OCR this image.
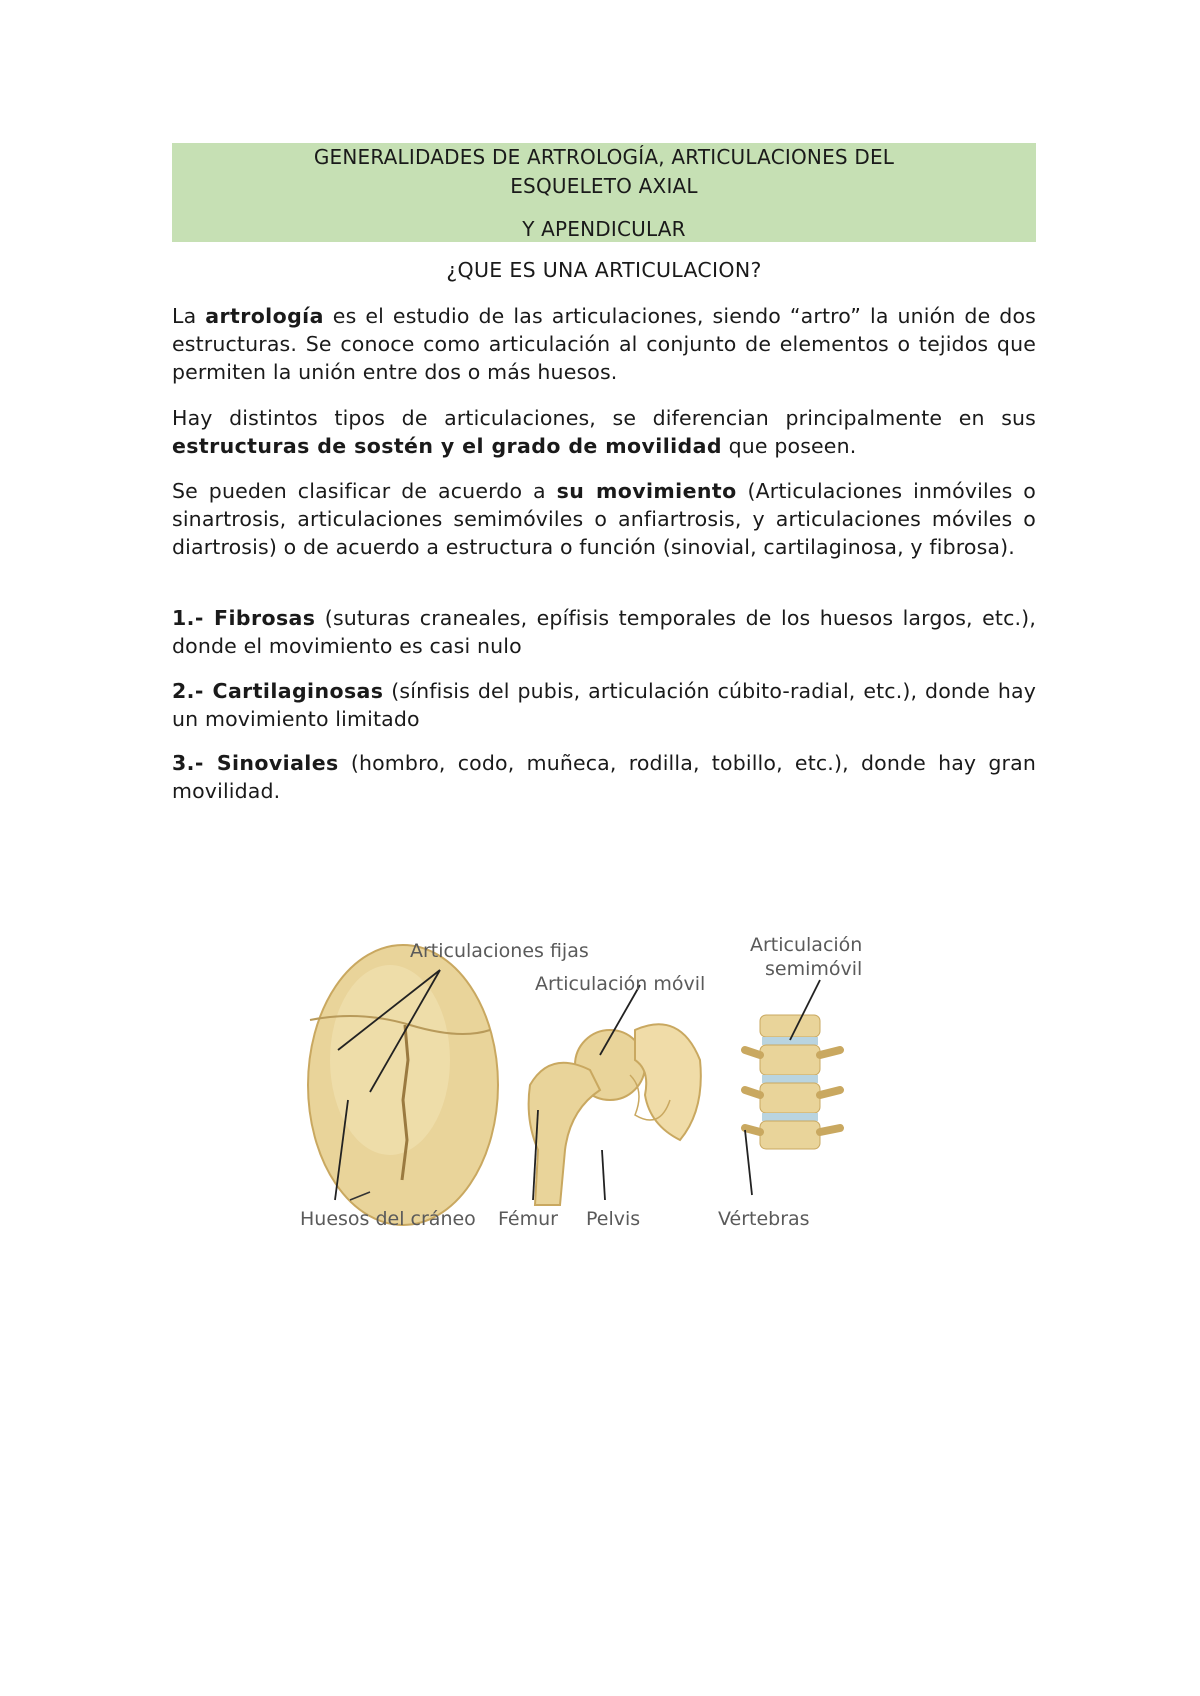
GENERALIDADES DE ARTROLOGÍA, ARTICULACIONES DEL
ESQUELETO AXIAL
Y APENDICULAR
¿QUE ES UNA ARTICULACION?
La artrología es el estudio de las articulaciones, siendo “artro” la unión de dos estructuras. Se conoce como articulación al conjunto de elementos o tejidos que permiten la unión entre dos o más huesos.
Hay distintos tipos de articulaciones, se diferencian principalmente en sus estructuras de sostén y el grado de movilidad que poseen.
Se pueden clasificar de acuerdo a su movimiento (Articulaciones inmóviles o sinartrosis, articulaciones semimóviles o anfiartrosis, y articulaciones móviles o diartrosis) o de acuerdo a estructura o función (sinovial, cartilaginosa, y fibrosa).
1.- Fibrosas (suturas craneales, epífisis temporales de los huesos largos, etc.), donde el movimiento es casi nulo
2.- Cartilaginosas (sínfisis del pubis, articulación cúbito-radial, etc.), donde hay un movimiento limitado
3.- Sinoviales (hombro, codo, muñeca, rodilla, tobillo, etc.), donde hay gran movilidad.
Articulaciones fijas
Articulación móvil
Articulación
semimóvil
Huesos del cráneo Fémur Pelvis	Vértebras
